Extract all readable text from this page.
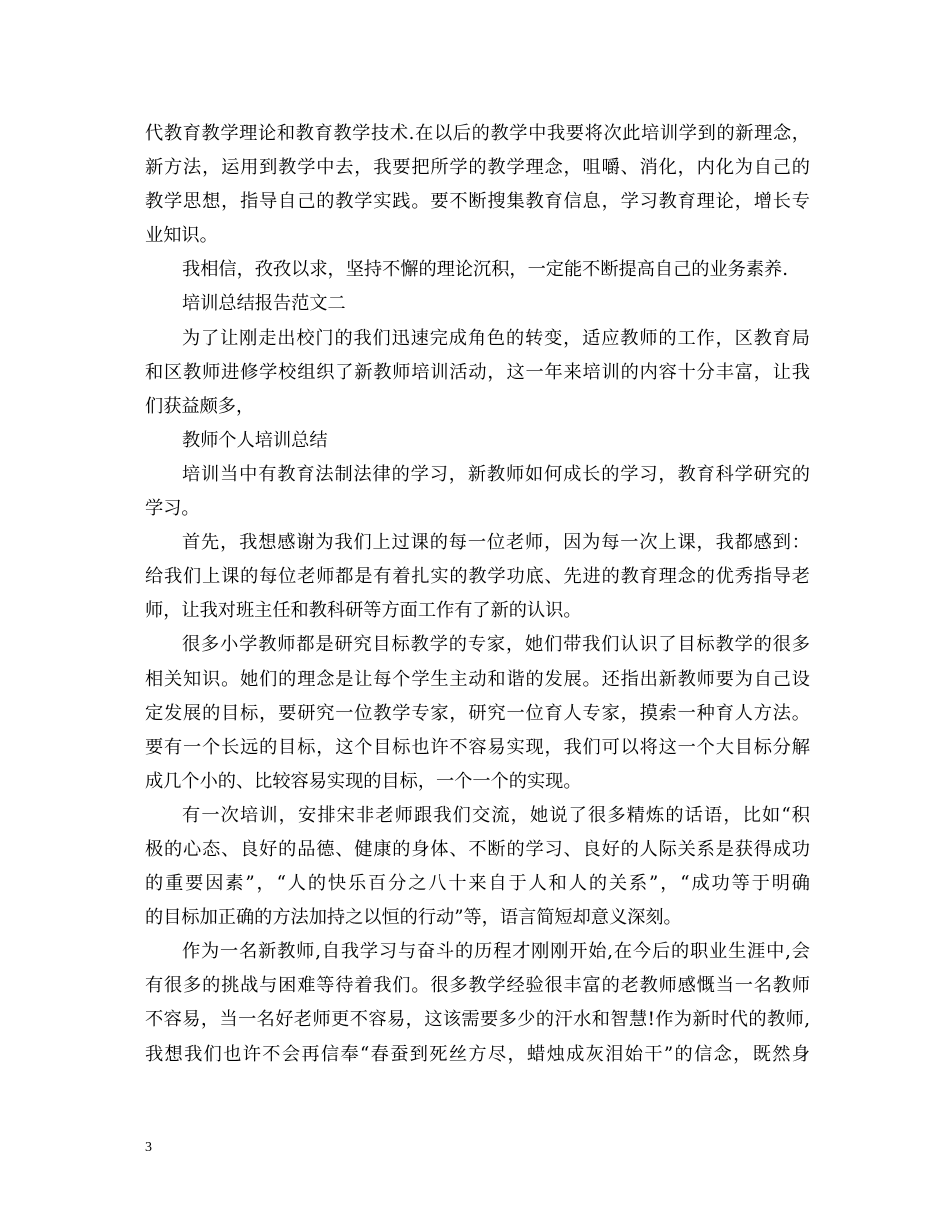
代教育教学理论和教育教学技术.在以后的教学中我要将次此培训学到的新理念，
新方法，运用到教学中去，我要把所学的教学理念，咀嚼、消化，内化为自己的
教学思想，指导自己的教学实践。要不断搜集教育信息，学习教育理论，增长专
业知识。
我相信，孜孜以求，坚持不懈的理论沉积，一定能不断提高自己的业务素养.
培训总结报告范文二
为了让刚走出校门的我们迅速完成角色的转变，适应教师的工作，区教育局
和区教师进修学校组织了新教师培训活动，这一年来培训的内容十分丰富，让我
们获益颇多，
教师个人培训总结
培训当中有教育法制法律的学习，新教师如何成长的学习，教育科学研究的
学习。
首先，我想感谢为我们上过课的每一位老师，因为每一次上课，我都感到：
给我们上课的每位老师都是有着扎实的教学功底、先进的教育理念的优秀指导老
师，让我对班主任和教科研等方面工作有了新的认识。
很多小学教师都是研究目标教学的专家，她们带我们认识了目标教学的很多
相关知识。她们的理念是让每个学生主动和谐的发展。还指出新教师要为自己设
定发展的目标，要研究一位教学专家，研究一位育人专家，摸索一种育人方法。
要有一个长远的目标，这个目标也许不容易实现，我们可以将这一个大目标分解
成几个小的、比较容易实现的目标，一个一个的实现。
有一次培训，安排宋非老师跟我们交流，她说了很多精炼的话语，比如“积
极的心态、良好的品德、健康的身体、不断的学习、良好的人际关系是获得成功
的重要因素”，“人的快乐百分之八十来自于人和人的关系”，“成功等于明确
的目标加正确的方法加持之以恒的行动”等，语言简短却意义深刻。
作为一名新教师,自我学习与奋斗的历程才刚刚开始,在今后的职业生涯中,会
有很多的挑战与困难等待着我们。很多教学经验很丰富的老教师感慨当一名教师
不容易，当一名好老师更不容易，这该需要多少的汗水和智慧!作为新时代的教师,
我想我们也许不会再信奉“春蚕到死丝方尽，蜡烛成灰泪始干”的信念，既然身
3
